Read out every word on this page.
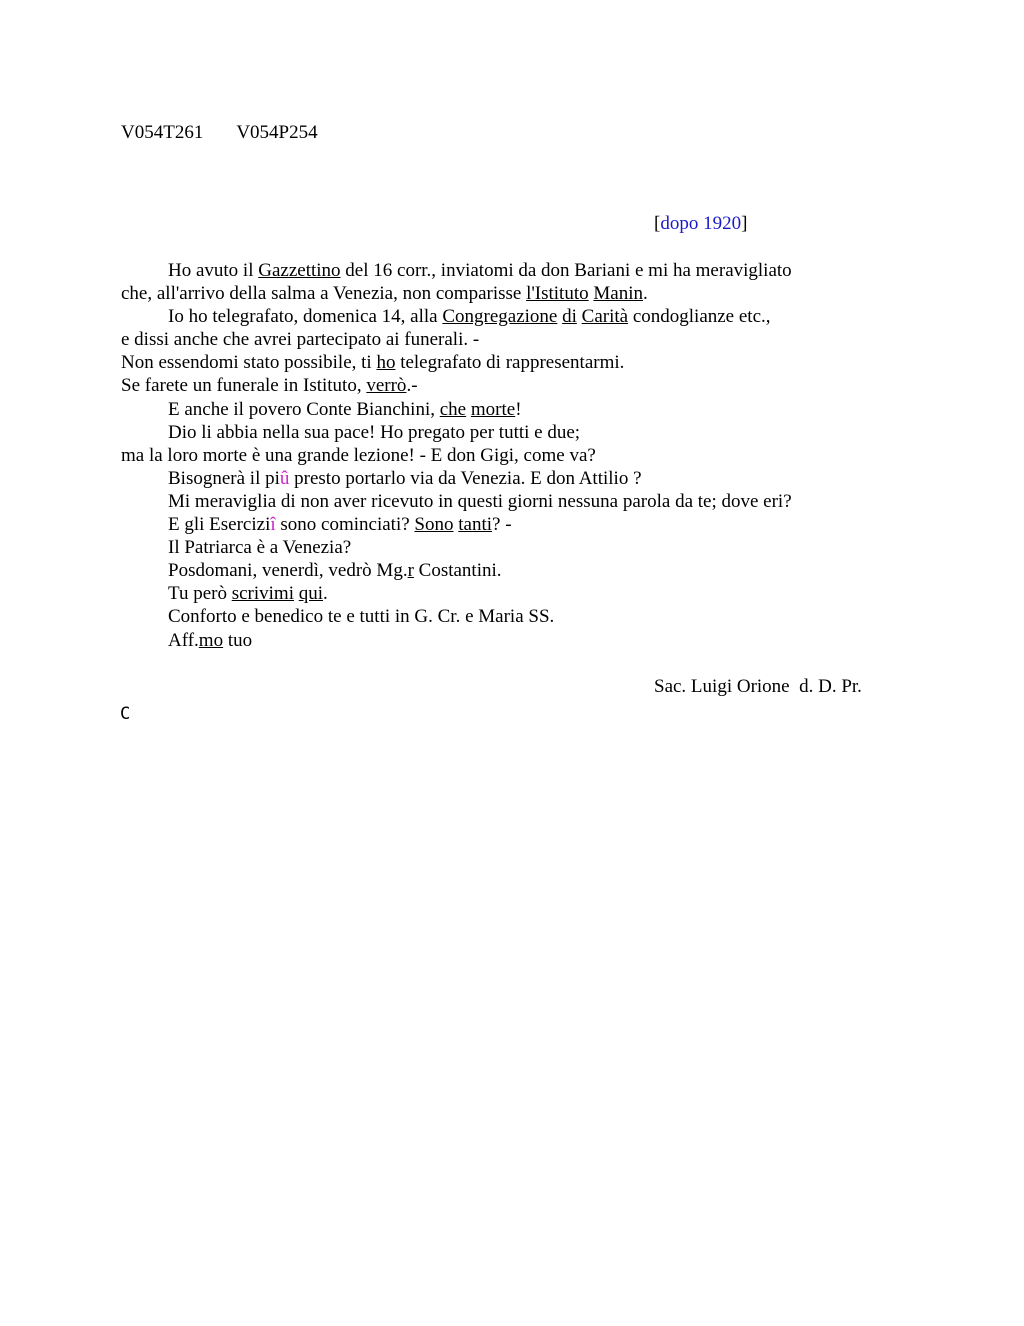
V054T261 V054P254
[dopo 1920]
Ho avuto il Gazzettino del 16 corr., inviatomi da don Bariani e mi ha meravigliato
che, all'arrivo della salma a Venezia, non comparisse l'Istituto Manin.
Io ho telegrafato, domenica 14, alla Congregazione di Carità condoglianze etc.,
e dissi anche che avrei partecipato ai funerali. -
Non essendomi stato possibile, ti ho telegrafato di rappresentarmi.
Se farete un funerale in Istituto, verrò.-
E anche il povero Conte Bianchini, che morte!
Dio li abbia nella sua pace! Ho pregato per tutti e due;
ma la loro morte è una grande lezione! - E don Gigi, come va?
Bisognerà il piû presto portarlo via da Venezia. E don Attilio ?
Mi meraviglia di non aver ricevuto in questi giorni nessuna parola da te; dove eri?
E gli Eserciziî sono cominciati? Sono tanti? -
Il Patriarca è a Venezia?
Posdomani, venerdì, vedrò Mg.r Costantini.
Tu però scrivimi qui.
Conforto e benedico te e tutti in G. Cr. e Maria SS.
Aff.mo tuo
Sac. Luigi Orione  d. D. Pr.
C
